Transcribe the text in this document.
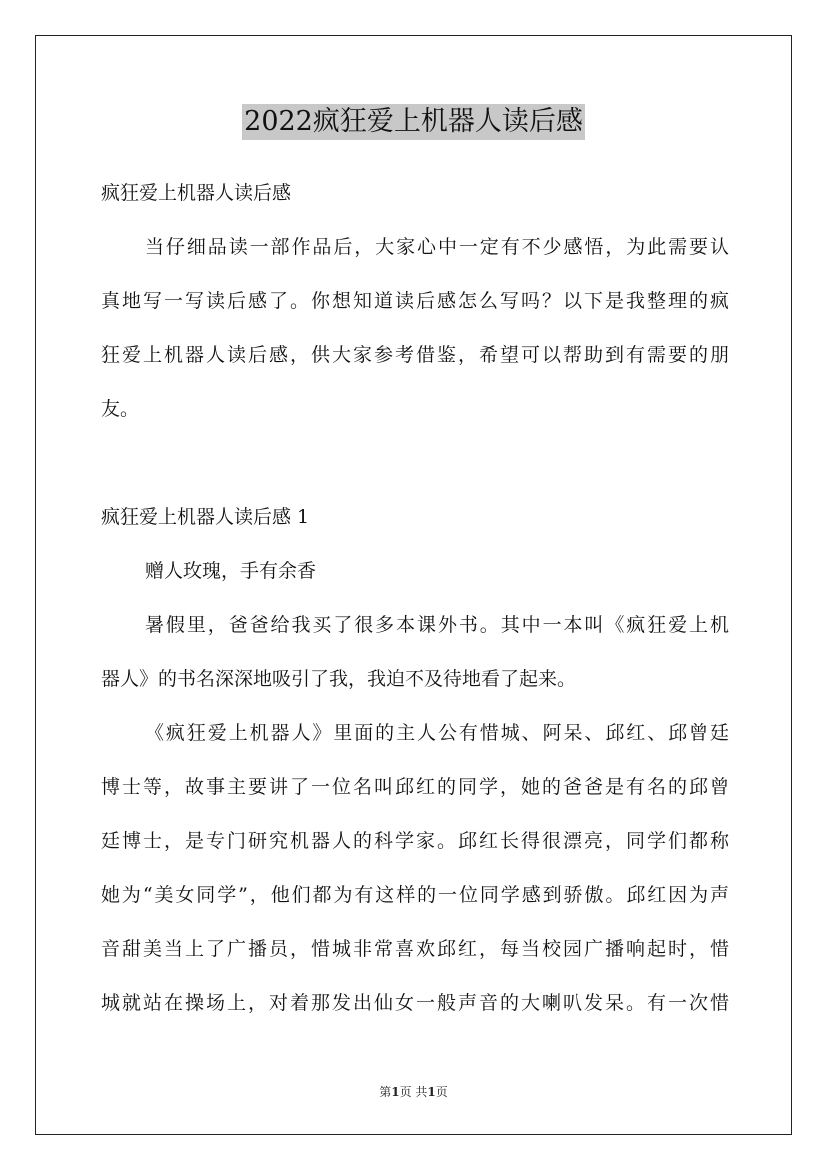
2022疯狂爱上机器人读后感
疯狂爱上机器人读后感
当仔细品读一部作品后，大家心中一定有不少感悟，为此需要认
真地写一写读后感了。你想知道读后感怎么写吗？以下是我整理的疯
狂爱上机器人读后感，供大家参考借鉴，希望可以帮助到有需要的朋
友。
疯狂爱上机器人读后感 1
赠人玫瑰，手有余香
暑假里，爸爸给我买了很多本课外书。其中一本叫《疯狂爱上机
器人》的书名深深地吸引了我，我迫不及待地看了起来。
《疯狂爱上机器人》里面的主人公有惜城、阿呆、邱红、邱曾廷
博士等，故事主要讲了一位名叫邱红的同学，她的爸爸是有名的邱曾
廷博士，是专门研究机器人的科学家。邱红长得很漂亮，同学们都称
她为“美女同学”，他们都为有这样的一位同学感到骄傲。邱红因为声
音甜美当上了广播员，惜城非常喜欢邱红，每当校园广播响起时，惜
城就站在操场上，对着那发出仙女一般声音的大喇叭发呆。有一次惜
第1页 共1页
